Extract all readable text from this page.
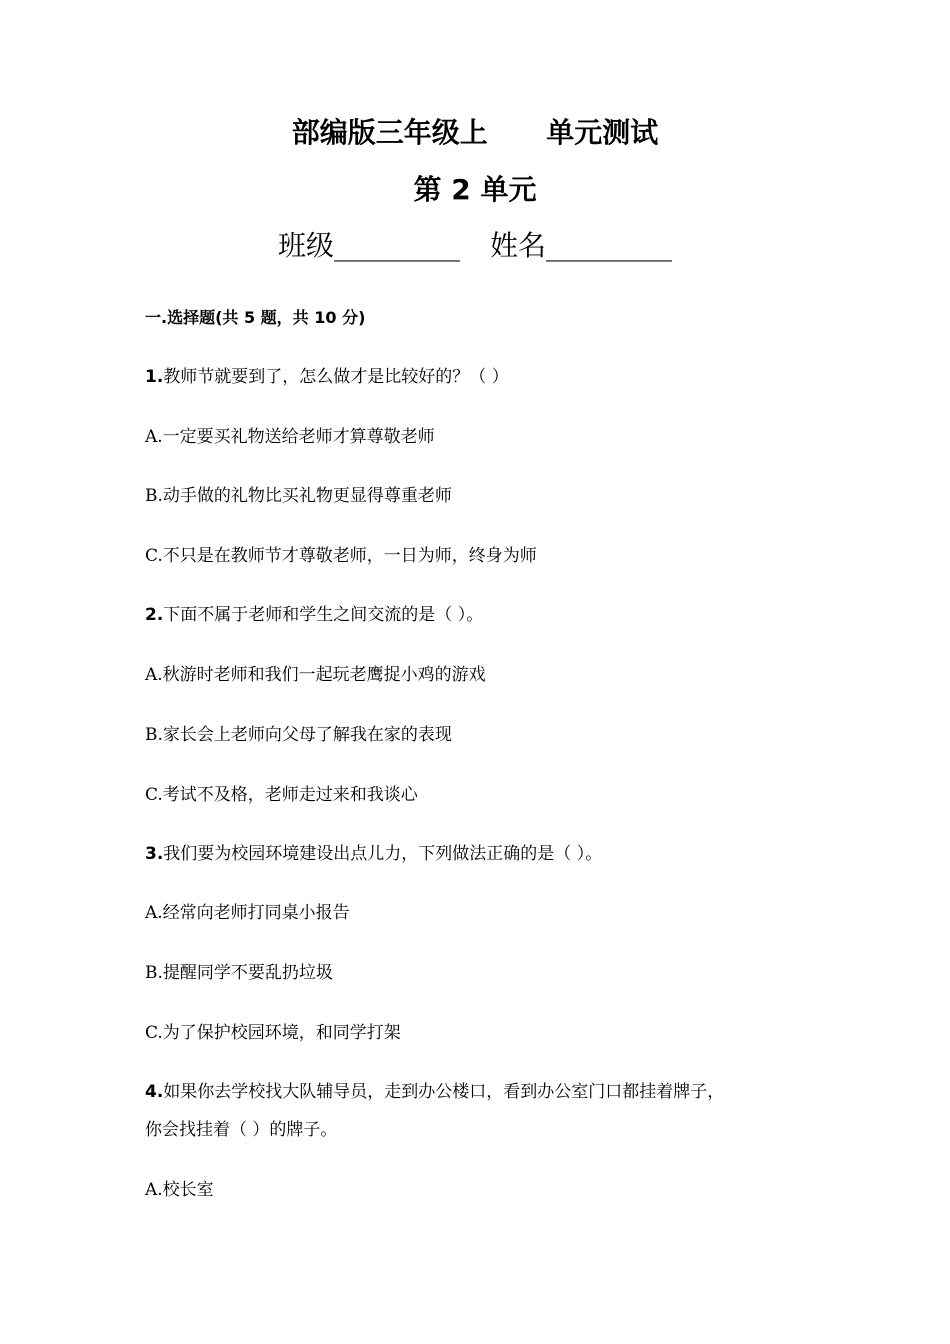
部编版三年级上      单元测试
第 2 单元
班级_________ 姓名_________
一.选择题(共 5 题，共 10 分)
1.教师节就要到了，怎么做才是比较好的？（ ）
A.一定要买礼物送给老师才算尊敬老师
B.动手做的礼物比买礼物更显得尊重老师
C.不只是在教师节才尊敬老师，一日为师，终身为师
2.下面不属于老师和学生之间交流的是（ ）。
A.秋游时老师和我们一起玩老鹰捉小鸡的游戏
B.家长会上老师向父母了解我在家的表现
C.考试不及格，老师走过来和我谈心
3.我们要为校园环境建设出点儿力，下列做法正确的是（ ）。
A.经常向老师打同桌小报告
B.提醒同学不要乱扔垃圾
C.为了保护校园环境，和同学打架
4.如果你去学校找大队辅导员，走到办公楼口，看到办公室门口都挂着牌子，
你会找挂着（ ）的牌子。
A.校长室
